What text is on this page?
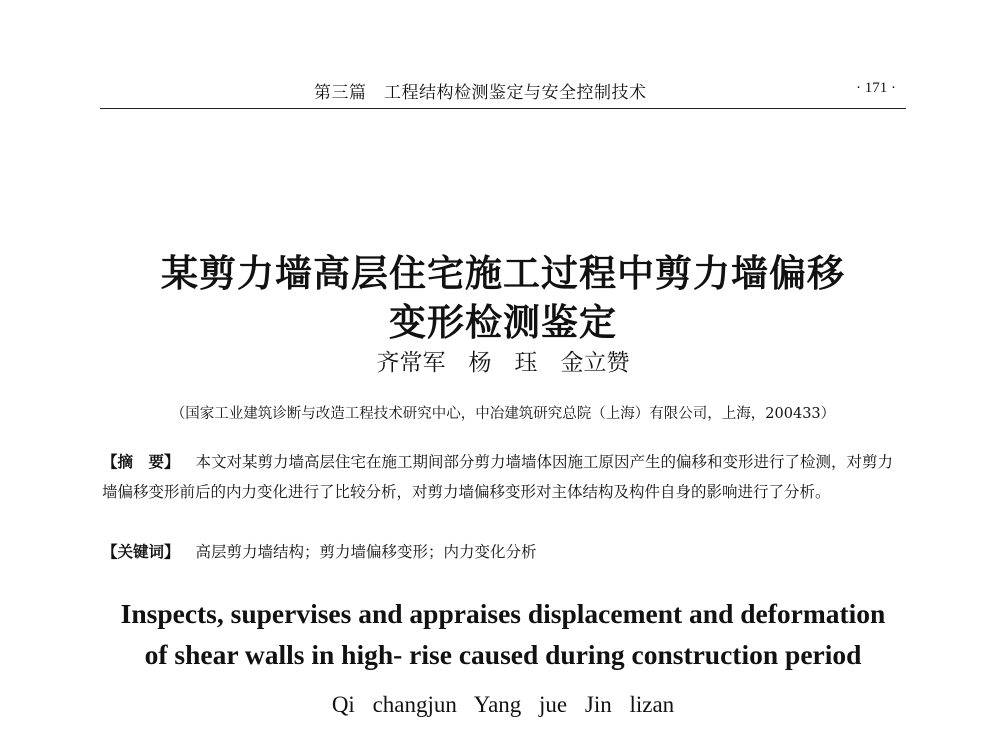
第三篇　工程结构检测鉴定与安全控制技术	· 171 ·
某剪力墙高层住宅施工过程中剪力墙偏移
变形检测鉴定
齐常军　杨　珏　金立赞
（国家工业建筑诊断与改造工程技术研究中心，中冶建筑研究总院（上海）有限公司，上海，200433）
【摘　要】 本文对某剪力墙高层住宅在施工期间部分剪力墙墙体因施工原因产生的偏移和变形进行了检测，对剪力墙偏移变形前后的内力变化进行了比较分析，对剪力墙偏移变形对主体结构及构件自身的影响进行了分析。
【关键词】 高层剪力墙结构；剪力墙偏移变形；内力变化分析
Inspects, supervises and appraises displacement and deformation
of shear walls in high- rise caused during construction period
Qi changjun Yang jue Jin lizan
